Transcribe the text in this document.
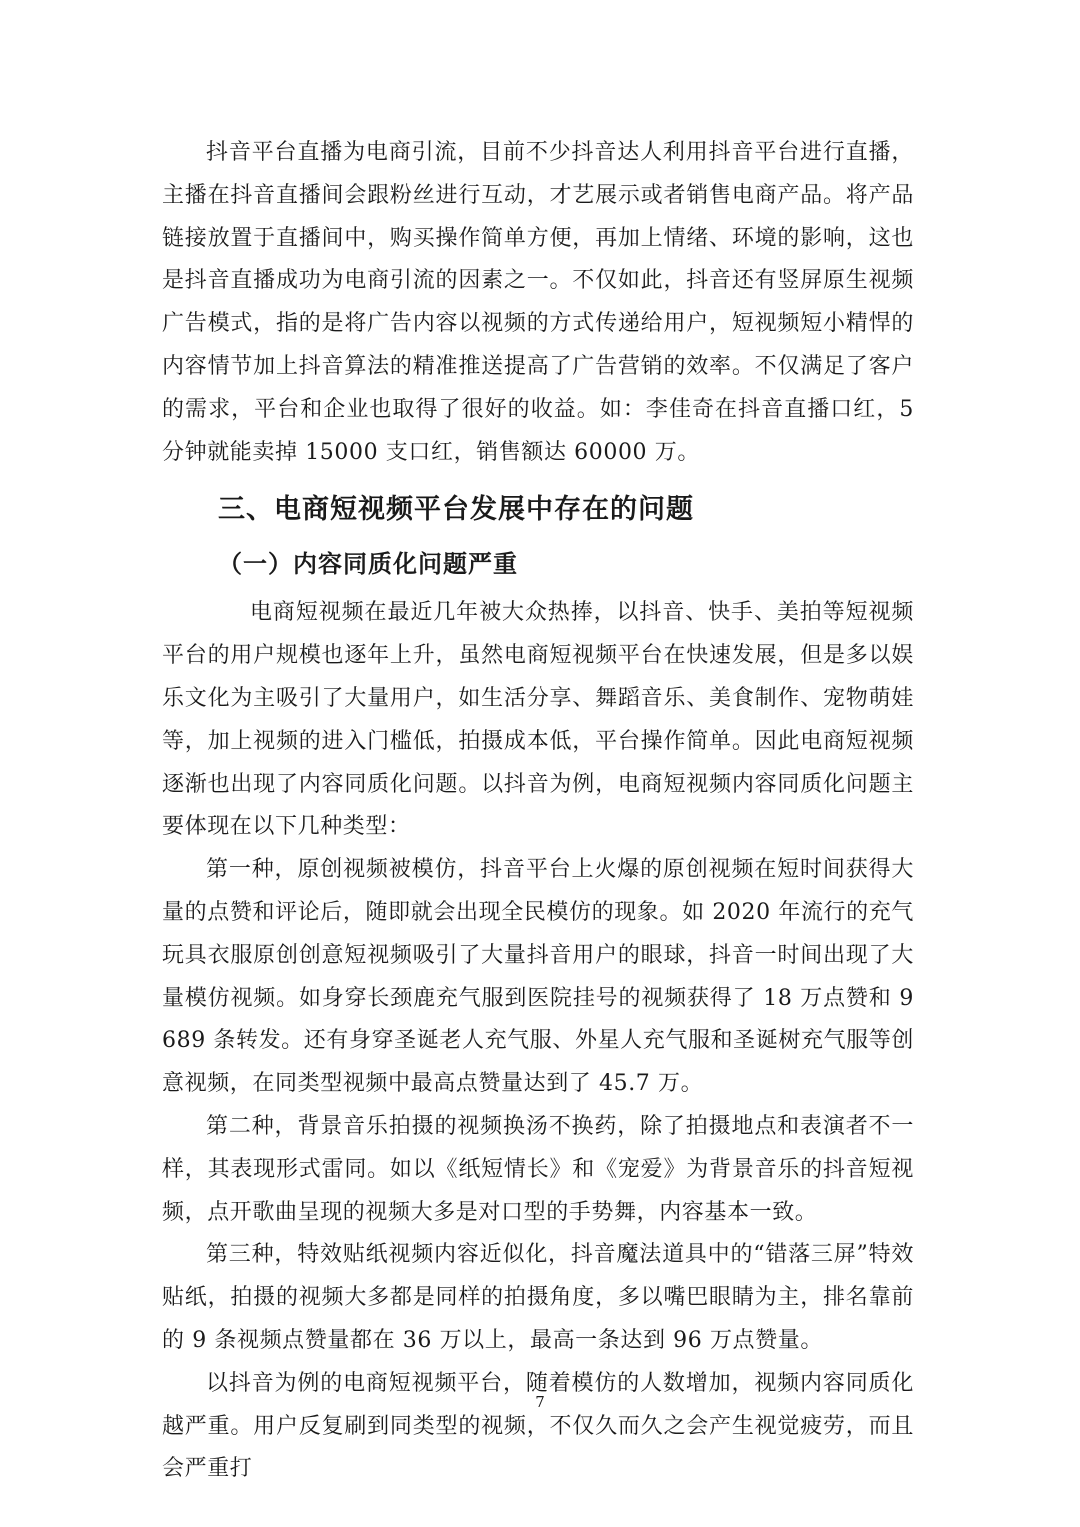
抖音平台直播为电商引流，目前不少抖音达人利用抖音平台进行直播，主播在抖音直播间会跟粉丝进行互动，才艺展示或者销售电商产品。将产品链接放置于直播间中，购买操作简单方便，再加上情绪、环境的影响，这也是抖音直播成功为电商引流的因素之一。不仅如此，抖音还有竖屏原生视频广告模式，指的是将广告内容以视频的方式传递给用户，短视频短小精悍的内容情节加上抖音算法的精准推送提高了广告营销的效率。不仅满足了客户的需求，平台和企业也取得了很好的收益。如：李佳奇在抖音直播口红，5 分钟就能卖掉 15000 支口红，销售额达 60000 万。

三、电商短视频平台发展中存在的问题
（一）内容同质化问题严重

电商短视频在最近几年被大众热捧，以抖音、快手、美拍等短视频平台的用户规模也逐年上升，虽然电商短视频平台在快速发展，但是多以娱乐文化为主吸引了大量用户，如生活分享、舞蹈音乐、美食制作、宠物萌娃等，加上视频的进入门槛低，拍摄成本低，平台操作简单。因此电商短视频逐渐也出现了内容同质化问题。以抖音为例，电商短视频内容同质化问题主要体现在以下几种类型：

第一种，原创视频被模仿，抖音平台上火爆的原创视频在短时间获得大量的点赞和评论后，随即就会出现全民模仿的现象。如 2020 年流行的充气玩具衣服原创创意短视频吸引了大量抖音用户的眼球，抖音一时间出现了大量模仿视频。如身穿长颈鹿充气服到医院挂号的视频获得了 18 万点赞和 9689 条转发。还有身穿圣诞老人充气服、外星人充气服和圣诞树充气服等创意视频，在同类型视频中最高点赞量达到了 45.7 万。

第二种，背景音乐拍摄的视频换汤不换药，除了拍摄地点和表演者不一样，其表现形式雷同。如以《纸短情长》和《宠爱》为背景音乐的抖音短视频，点开歌曲呈现的视频大多是对口型的手势舞，内容基本一致。

第三种，特效贴纸视频内容近似化，抖音魔法道具中的“错落三屏”特效贴纸，拍摄的视频大多都是同样的拍摄角度，多以嘴巴眼睛为主，排名靠前的 9 条视频点赞量都在 36 万以上，最高一条达到 96 万点赞量。

以抖音为例的电商短视频平台，随着模仿的人数增加，视频内容同质化越严重。用户反复刷到同类型的视频，不仅久而久之会产生视觉疲劳，而且会严重打

7
